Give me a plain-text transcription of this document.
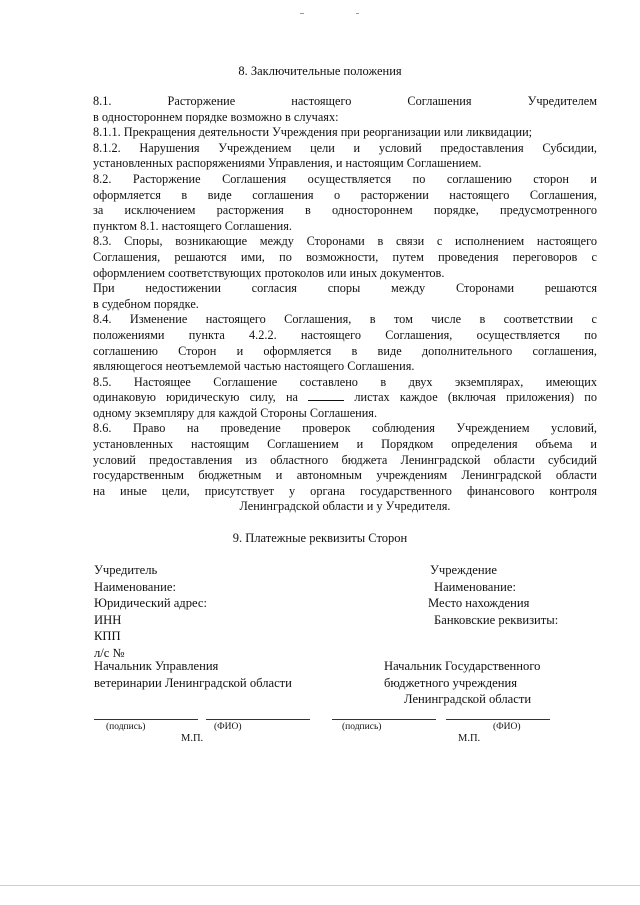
8. Заключительные положения

8.1. Расторжение настоящего Соглашения Учредителем

в одностороннем порядке возможно в случаях:

8.1.1. Прекращения деятельности Учреждения при реорганизации или ликвидации;

8.1.2. Нарушения Учреждением цели и условий предоставления Субсидии,

установленных распоряжениями Управления, и настоящим Соглашением.

8.2. Расторжение Соглашения осуществляется по соглашению сторон и

оформляется в виде соглашения о расторжении настоящего Соглашения,

за исключением расторжения в одностороннем порядке, предусмотренного

пунктом 8.1. настоящего Соглашения.

8.3. Споры, возникающие между Сторонами в связи с исполнением настоящего

Соглашения, решаются ими, по возможности, путем проведения переговоров с

оформлением соответствующих протоколов или иных документов.

При недостижении согласия споры между Сторонами решаются

в судебном порядке.

8.4. Изменение настоящего Соглашения, в том числе в соответствии с

положениями пункта 4.2.2. настоящего Соглашения, осуществляется по

соглашению Сторон и оформляется в виде дополнительного соглашения,

являющегося неотъемлемой частью настоящего Соглашения.

8.5. Настоящее Соглашение составлено в двух экземплярах, имеющих

одинаковую юридическую силу, на	листах каждое (включая приложения) по

одному экземпляру для каждой Стороны Соглашения.

8.6. Право на проведение проверок соблюдения Учреждением условий,

установленных настоящим Соглашением и Порядком определения объема и

условий предоставления из областного бюджета Ленинградской области субсидий

государственным бюджетным и автономным учреждениям Ленинградской области

на иные цели, присутствует у органа государственного финансового контроля

Ленинградской области и у Учредителя.

9. Платежные реквизиты Сторон
Учредитель
Наименование:
Юридический адрес:
ИНН
КПП
л/с №
Учреждение
Наименование:
Место нахождения
Банковские реквизиты:
Начальник Управления
ветеринарии Ленинградской области
Начальник Государственного
бюджетного учреждения
Ленинградской области
(подпись)	(ФИО)	(подпись)	(ФИО)
М.П.	М.П.
